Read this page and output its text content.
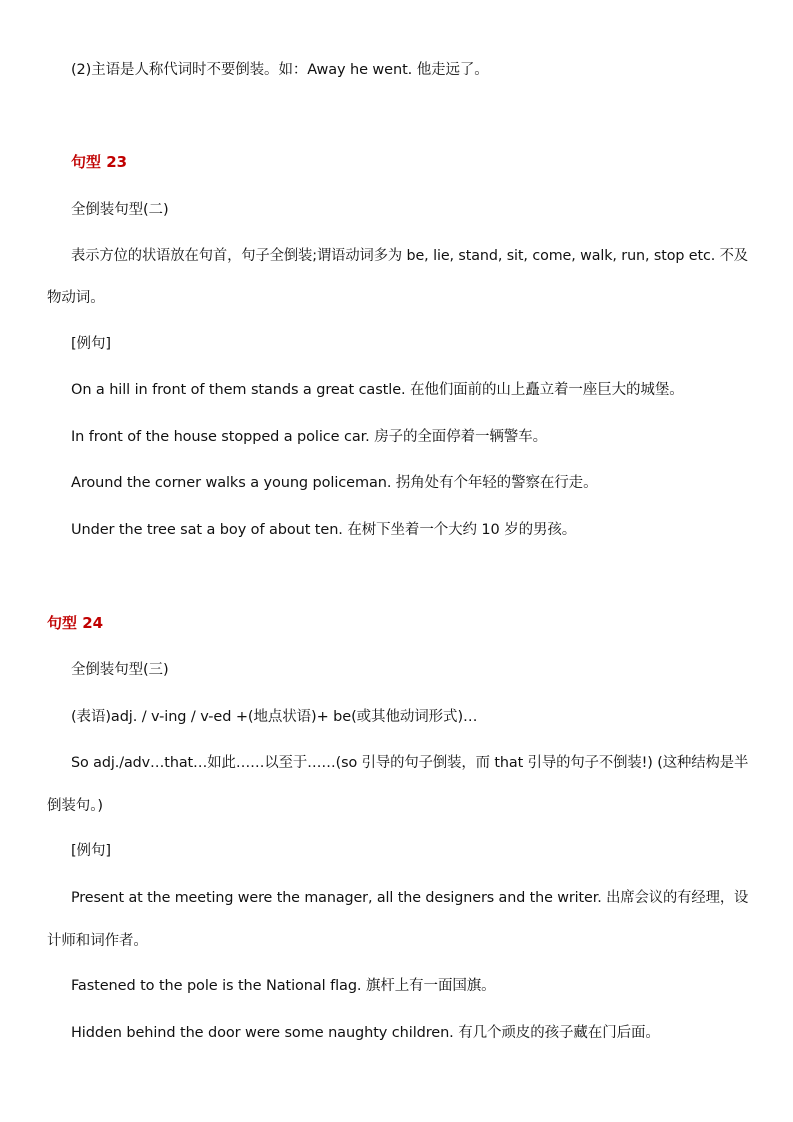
(2)主语是人称代词时不要倒装。如：Away he went. 他走远了。
句型 23
全倒装句型(二)
表示方位的状语放在句首，句子全倒装;谓语动词多为 be, lie, stand, sit, come, walk, run, stop etc. 不及
物动词。
[例句]
On a hill in front of them stands a great castle. 在他们面前的山上矗立着一座巨大的城堡。
In front of the house stopped a police car. 房子的全面停着一辆警车。
Around the corner walks a young policeman. 拐角处有个年轻的警察在行走。
Under the tree sat a boy of about ten. 在树下坐着一个大约 10 岁的男孩。
句型 24
全倒装句型(三)
(表语)adj. / v-ing / v-ed +(地点状语)+ be(或其他动词形式)…
So adj./adv…that…如此……以至于……(so 引导的句子倒装，而 that 引导的句子不倒装!) (这种结构是半
倒装句。)
[例句]
Present at the meeting were the manager, all the designers and the writer. 出席会议的有经理，设
计师和词作者。
Fastened to the pole is the National flag. 旗杆上有一面国旗。
Hidden behind the door were some naughty children. 有几个顽皮的孩子藏在门后面。
